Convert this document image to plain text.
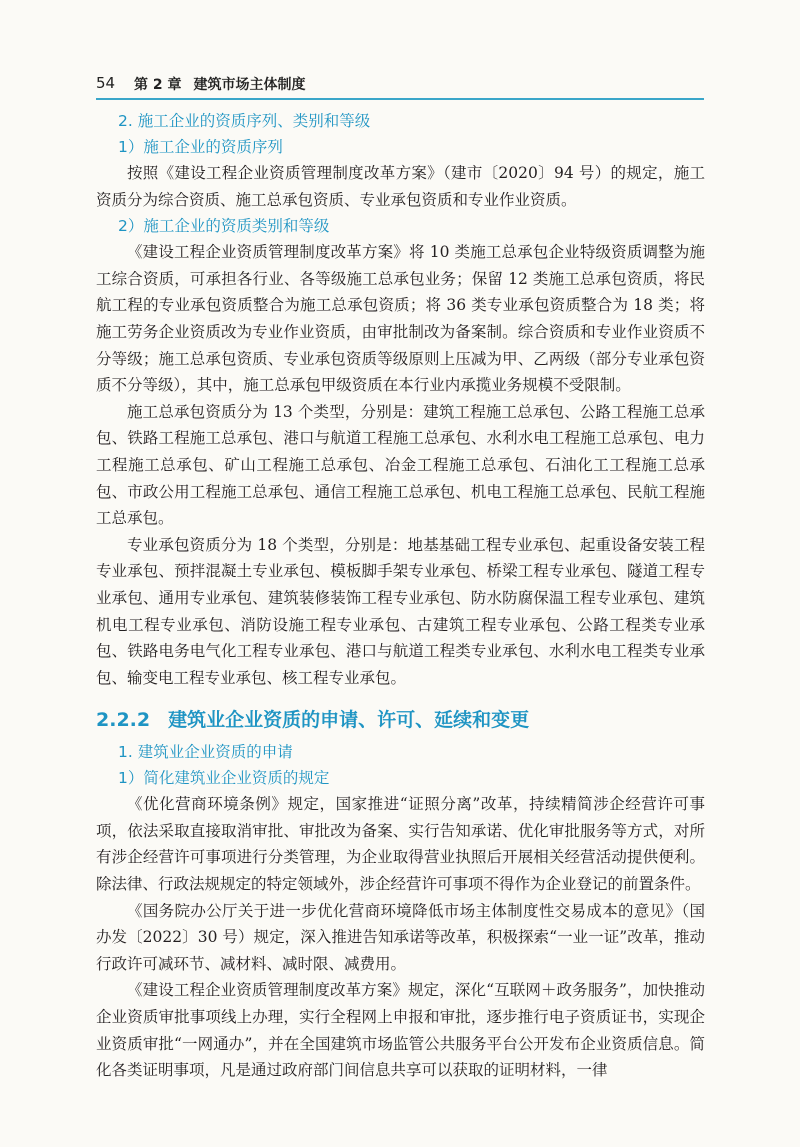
54 第 2 章 建筑市场主体制度
2. 施工企业的资质序列、类别和等级
1）施工企业的资质序列

按照《建设工程企业资质管理制度改革方案》（建市〔2020〕94 号）的规定，施工资质分为综合资质、施工总承包资质、专业承包资质和专业作业资质。

2）施工企业的资质类别和等级

《建设工程企业资质管理制度改革方案》将 10 类施工总承包企业特级资质调整为施工综合资质，可承担各行业、各等级施工总承包业务；保留 12 类施工总承包资质，将民航工程的专业承包资质整合为施工总承包资质；将 36 类专业承包资质整合为 18 类；将施工劳务企业资质改为专业作业资质，由审批制改为备案制。综合资质和专业作业资质不分等级；施工总承包资质、专业承包资质等级原则上压减为甲、乙两级（部分专业承包资质不分等级），其中，施工总承包甲级资质在本行业内承揽业务规模不受限制。

施工总承包资质分为 13 个类型，分别是：建筑工程施工总承包、公路工程施工总承包、铁路工程施工总承包、港口与航道工程施工总承包、水利水电工程施工总承包、电力工程施工总承包、矿山工程施工总承包、冶金工程施工总承包、石油化工工程施工总承包、市政公用工程施工总承包、通信工程施工总承包、机电工程施工总承包、民航工程施工总承包。

专业承包资质分为 18 个类型，分别是：地基基础工程专业承包、起重设备安装工程专业承包、预拌混凝土专业承包、模板脚手架专业承包、桥梁工程专业承包、隧道工程专业承包、通用专业承包、建筑装修装饰工程专业承包、防水防腐保温工程专业承包、建筑机电工程专业承包、消防设施工程专业承包、古建筑工程专业承包、公路工程类专业承包、铁路电务电气化工程专业承包、港口与航道工程类专业承包、水利水电工程类专业承包、输变电工程专业承包、核工程专业承包。

2.2.2 建筑业企业资质的申请、许可、延续和变更
1. 建筑业企业资质的申请
1）简化建筑业企业资质的规定

《优化营商环境条例》规定，国家推进“证照分离”改革，持续精简涉企经营许可事项，依法采取直接取消审批、审批改为备案、实行告知承诺、优化审批服务等方式，对所有涉企经营许可事项进行分类管理，为企业取得营业执照后开展相关经营活动提供便利。除法律、行政法规规定的特定领域外，涉企经营许可事项不得作为企业登记的前置条件。

《国务院办公厅关于进一步优化营商环境降低市场主体制度性交易成本的意见》（国办发〔2022〕30 号）规定，深入推进告知承诺等改革，积极探索“一业一证”改革，推动行政许可减环节、减材料、减时限、减费用。

《建设工程企业资质管理制度改革方案》规定，深化“互联网＋政务服务”，加快推动企业资质审批事项线上办理，实行全程网上申报和审批，逐步推行电子资质证书，实现企业资质审批“一网通办”，并在全国建筑市场监管公共服务平台公开发布企业资质信息。简化各类证明事项，凡是通过政府部门间信息共享可以获取的证明材料，一律
